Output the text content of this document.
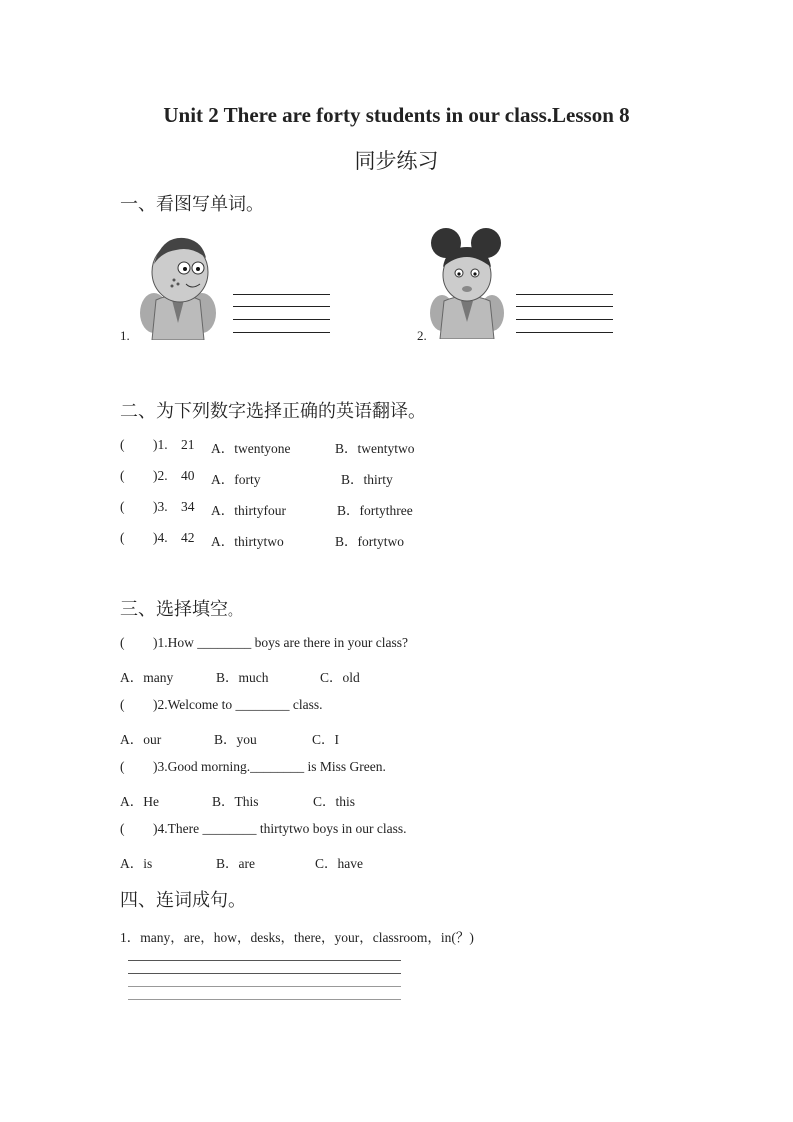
Unit 2 There are forty students in our class.Lesson 8
同步练习
一、看图写单词。
1.	2.
二、为下列数字选择正确的英语翻译。
( )1. 21 A．twentyone	B．twentytwo
( )2. 40 A．forty	B．thirty
( )3. 34 A．thirtyfour	B．fortythree
( )4. 42 A．thirtytwo	B．fortytwo
三、选择填空。
( )1.How ________ boys are there in your class?
A．many	B．much	C．old
( )2.Welcome to ________ class.
A．our	B．you	C．I
( )3.Good morning.________ is Miss Green.
A．He	B．This	C．this
( )4.There ________ thirtytwo boys in our class.
A．is	B．are	C．have
四、连词成句。
1．many，are，how，desks，there，your，classroom，in(？)
